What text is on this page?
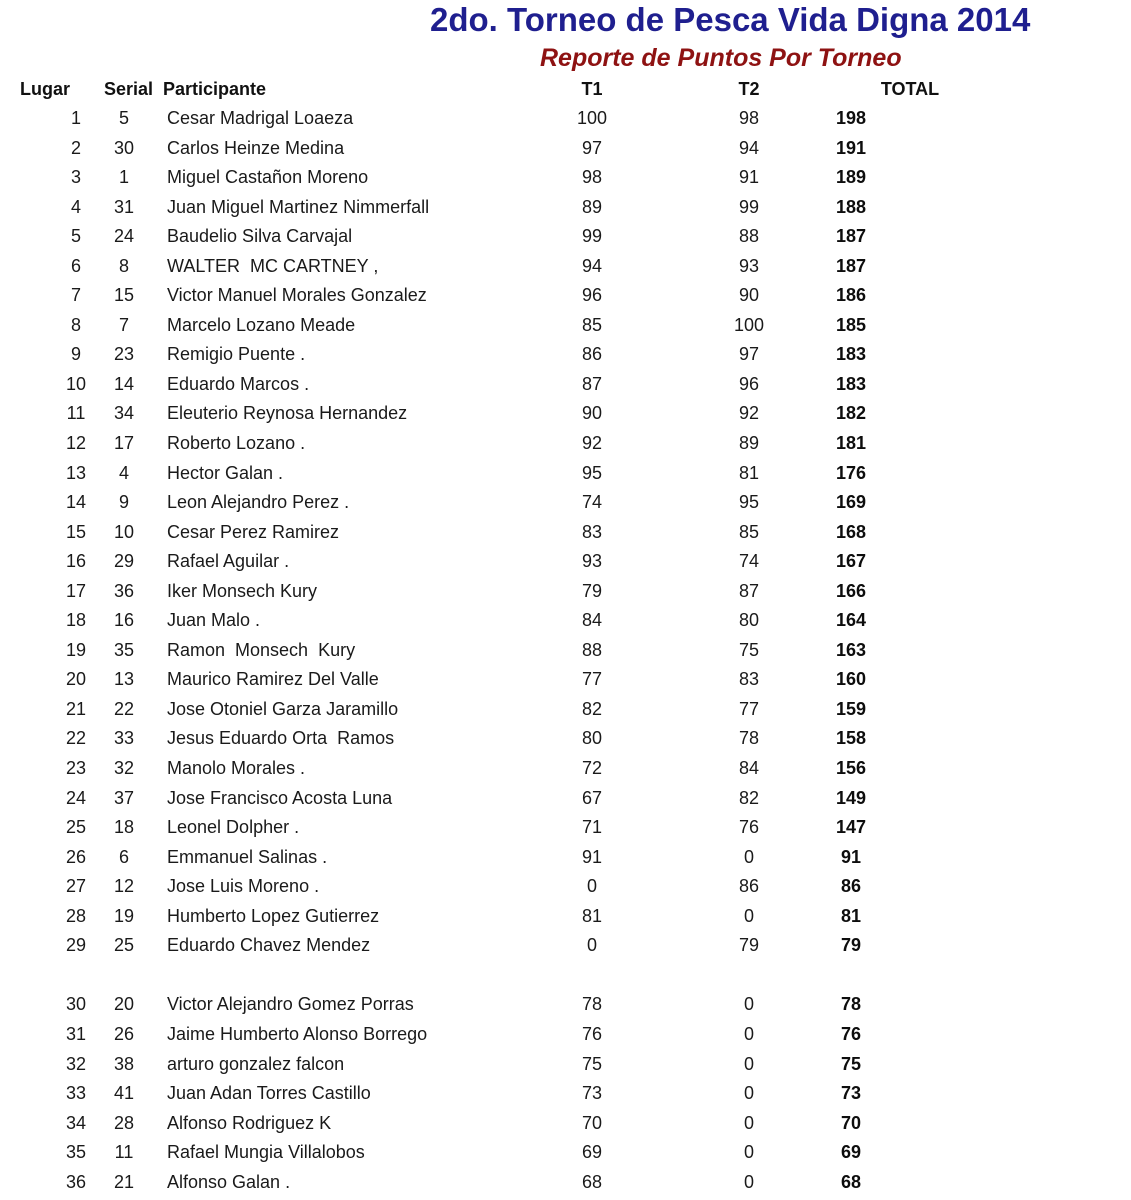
2do. Torneo de Pesca Vida Digna 2014
Reporte de Puntos Por Torneo
Lugar	Serial Participante	T1	T2	TOTAL
1	5	Cesar Madrigal Loaeza	100	98	198
2	30	Carlos Heinze Medina	97	94	191
3	1	Miguel Castañon Moreno	98	91	189
4	31	Juan Miguel Martinez Nimmerfall	89	99	188
5	24	Baudelio Silva Carvajal	99	88	187
6	8	WALTER  MC CARTNEY ,	94	93	187
7	15	Victor Manuel Morales Gonzalez	96	90	186
8	7	Marcelo Lozano Meade	85	100	185
9	23	Remigio Puente .	86	97	183
10	14	Eduardo Marcos .	87	96	183
11	34	Eleuterio Reynosa Hernandez	90	92	182
12	17	Roberto Lozano .	92	89	181
13	4	Hector Galan .	95	81	176
14	9	Leon Alejandro Perez .	74	95	169
15	10	Cesar Perez Ramirez	83	85	168
16	29	Rafael Aguilar .	93	74	167
17	36	Iker Monsech Kury	79	87	166
18	16	Juan Malo .	84	80	164
19	35	Ramon  Monsech  Kury	88	75	163
20	13	Maurico Ramirez Del Valle	77	83	160
21	22	Jose Otoniel Garza Jaramillo	82	77	159
22	33	Jesus Eduardo Orta  Ramos	80	78	158
23	32	Manolo Morales .	72	84	156
24	37	Jose Francisco Acosta Luna	67	82	149
25	18	Leonel Dolpher .	71	76	147
26	6	Emmanuel Salinas .	91	0	91
27	12	Jose Luis Moreno .	0	86	86
28	19	Humberto Lopez Gutierrez	81	0	81
29	25	Eduardo Chavez Mendez	0	79	79
30	20	Victor Alejandro Gomez Porras	78	0	78
31	26	Jaime Humberto Alonso Borrego	76	0	76
32	38	arturo gonzalez falcon	75	0	75
33	41	Juan Adan Torres Castillo	73	0	73
34	28	Alfonso Rodriguez K	70	0	70
35	11	Rafael Mungia Villalobos	69	0	69
36	21	Alfonso Galan .	68	0	68
